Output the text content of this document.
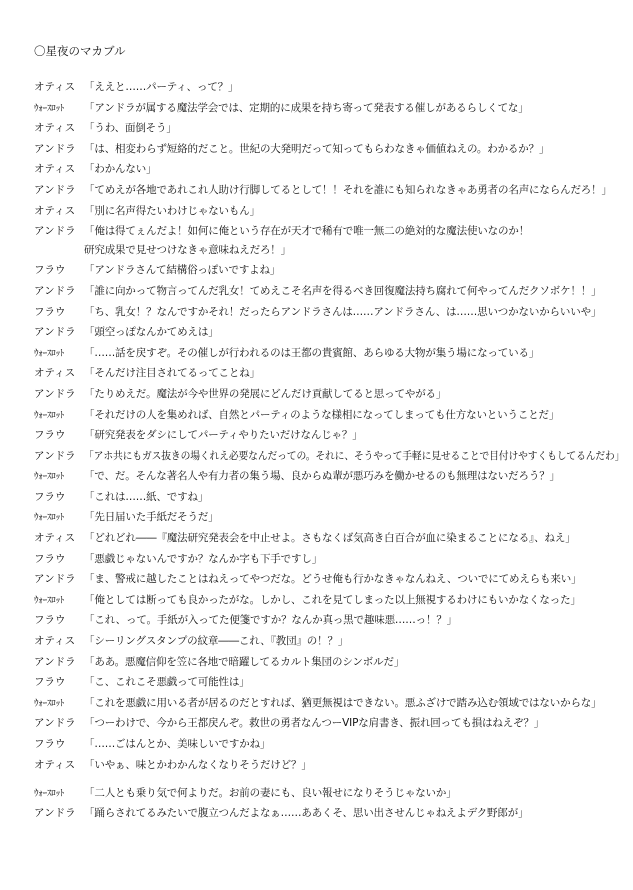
〇星夜のマカブル
オティス 「ええと……パーティ、って？」
ｳｫｰｽﾛｯﾄ	「アンドラが属する魔法学会では、定期的に成果を持ち寄って発表する催しがあるらしくてな」
オティス 「うわ、面倒そう」
アンドラ 「は、相変わらず短絡的だこと。世紀の大発明だって知ってもらわなきゃ価値ねえの。わかるか？」
オティス 「わかんない」
アンドラ 「てめえが各地であれこれ人助け行脚してるとして！！それを誰にも知られなきゃあ勇者の名声にならんだろ！」
オティス 「別に名声得たいわけじゃないもん」
アンドラ 「俺は得てぇんだよ！如何に俺という存在が天才で稀有で唯一無二の絶対的な魔法使いなのか！
研究成果で見せつけなきゃ意味ねえだろ！」
フラウ	「アンドラさんて結構俗っぽいですよね」
アンドラ 「誰に向かって物言ってんだ乳女！てめえこそ名声を得るべき回復魔法持ち腐れて何やってんだクソボケ！！」
フラウ	「ち、乳女！？なんですかそれ！だったらアンドラさんは……アンドラさん、は……思いつかないからいいや」
アンドラ 「頭空っぽなんかてめえは」
ｳｫｰｽﾛｯﾄ	「……話を戻すぞ。その催しが行われるのは王都の貴賓館、あらゆる大物が集う場になっている」
オティス 「そんだけ注目されてるってことね」
アンドラ 「たりめえだ。魔法が今や世界の発展にどんだけ貢献してると思ってやがる」
ｳｫｰｽﾛｯﾄ	「それだけの人を集めれば、自然とパーティのような様相になってしまっても仕方ないということだ」
フラウ	「研究発表をダシにしてパーティやりたいだけなんじゃ？」
アンドラ 「アホ共にもガス抜きの場くれえ必要なんだっての。それに、そうやって手軽に見せることで目付けやすくもしてるんだわ」
ｳｫｰｽﾛｯﾄ	「で、だ。そんな著名人や有力者の集う場、良からぬ輩が悪巧みを働かせるのも無理はないだろう？」
フラウ	「これは……紙、ですね」
ｳｫｰｽﾛｯﾄ	「先日届いた手紙だそうだ」
オティス 「どれどれ――『魔法研究発表会を中止せよ。さもなくば気高き白百合が血に染まることになる』、ねえ」
フラウ	「悪戯じゃないんですか？なんか字も下手ですし」
アンドラ 「ま、警戒に越したことはねえってやつだな。どうせ俺も行かなきゃなんねえ、ついでにてめえらも来い」
ｳｫｰｽﾛｯﾄ	「俺としては断っても良かったがな。しかし、これを見てしまった以上無視するわけにもいかなくなった」
フラウ	「これ、って。手紙が入ってた便箋ですか？なんか真っ黒で趣味悪……っ！？」
オティス 「シーリングスタンプの紋章――これ、『教団』の！？」
アンドラ 「ああ。悪魔信仰を笠に各地で暗躍してるカルト集団のシンボルだ」
フラウ	「こ、これこそ悪戯って可能性は」
ｳｫｰｽﾛｯﾄ	「これを悪戯に用いる者が居るのだとすれば、猶更無視はできない。悪ふざけで踏み込む領域ではないからな」
アンドラ 「つーわけで、今から王都戻んぞ。救世の勇者なんつーVIPな肩書き、振れ回っても損はねえぞ？」
フラウ	「……ごはんとか、美味しいですかね」
オティス 「いやぁ、味とかわかんなくなりそうだけど？」
ｳｫｰｽﾛｯﾄ	「二人とも乗り気で何よりだ。お前の妻にも、良い報せになりそうじゃないか」
アンドラ 「踊らされてるみたいで腹立つんだよなぁ……ああくそ、思い出させんじゃねえよデク野郎が」
